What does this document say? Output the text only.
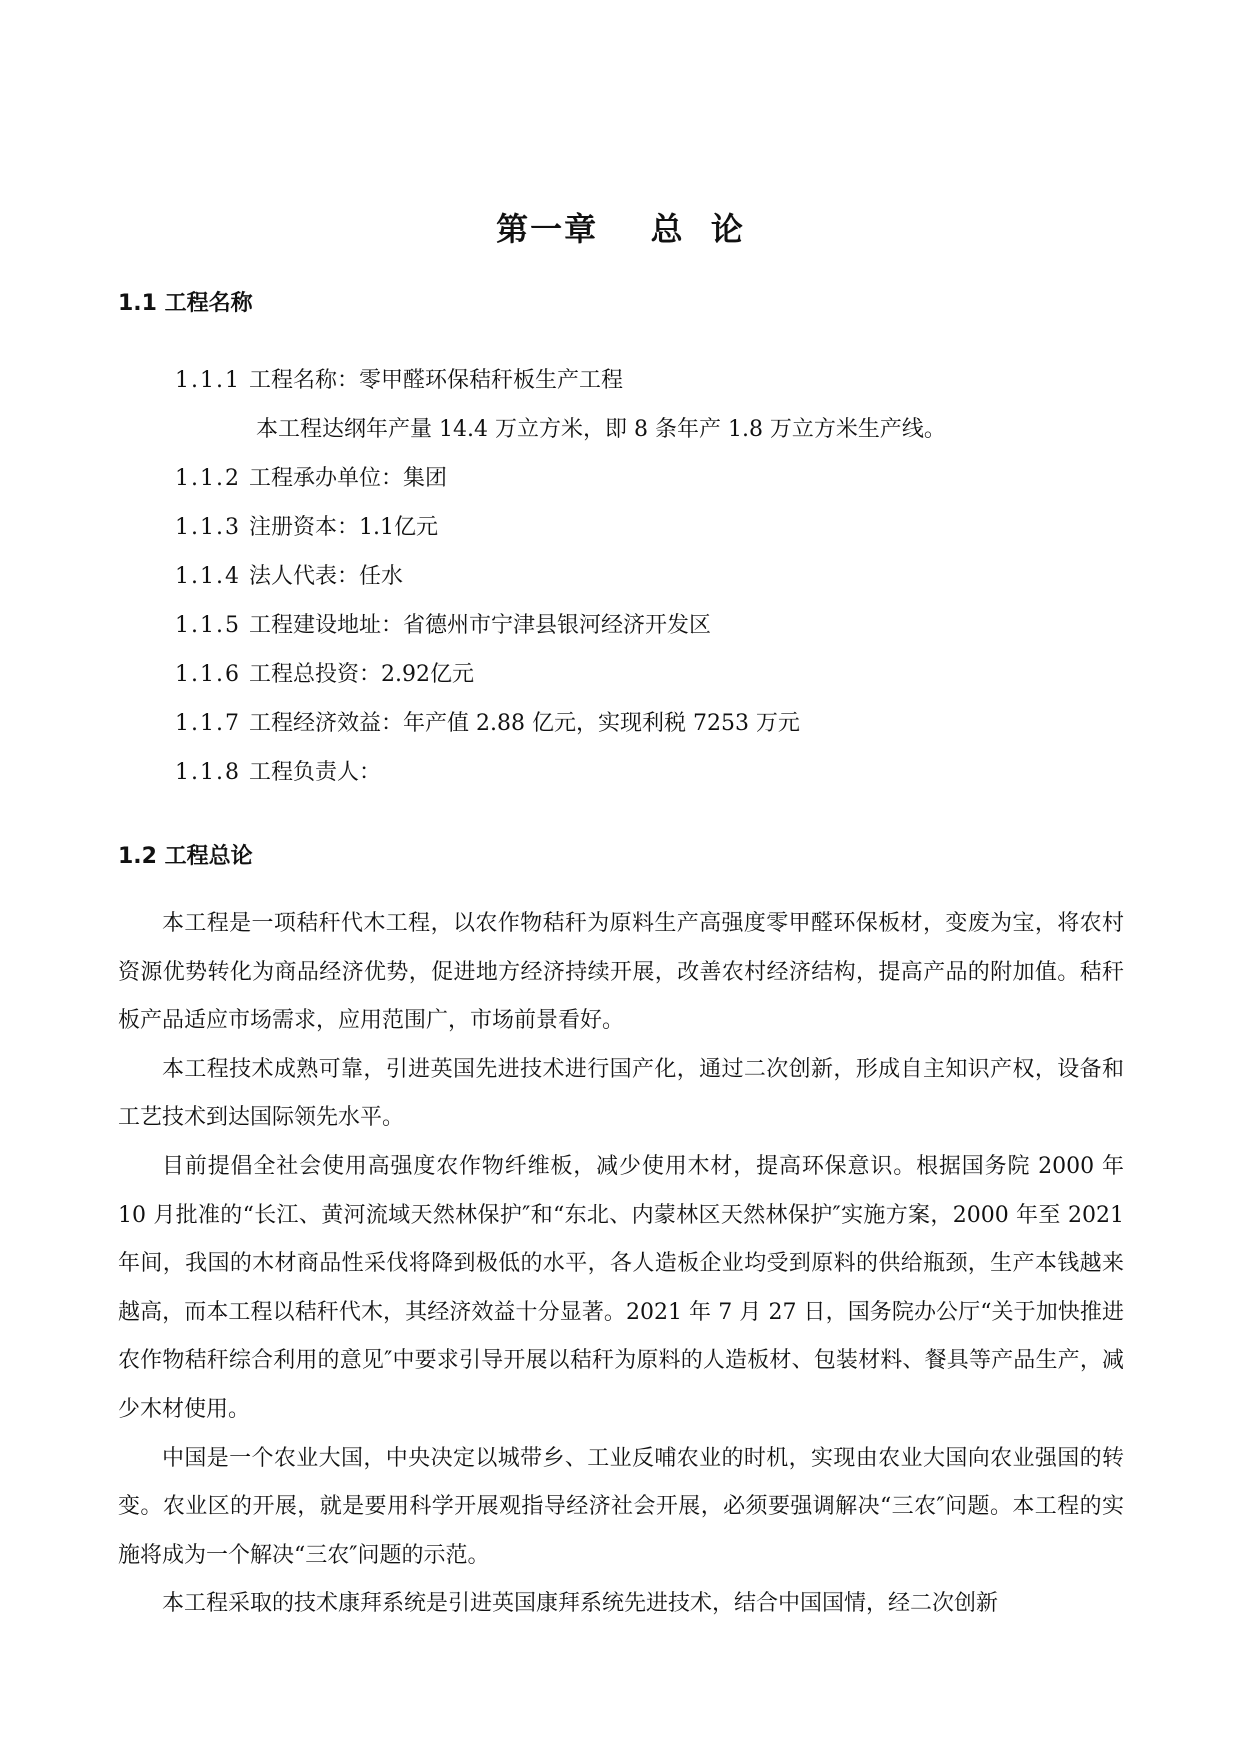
第一章    总  论
1.1 工程名称
1.1.1 工程名称：零甲醛环保秸秆板生产工程
本工程达纲年产量 14.4 万立方米，即 8 条年产 1.8 万立方米生产线。
1.1.2 工程承办单位：集团
1.1.3 注册资本：1.1亿元
1.1.4 法人代表：任水
1.1.5 工程建设地址：省德州市宁津县银河经济开发区
1.1.6 工程总投资：2.92亿元
1.1.7 工程经济效益：年产值 2.88 亿元，实现利税 7253 万元
1.1.8 工程负责人：
1.2 工程总论

本工程是一项秸秆代木工程，以农作物秸秆为原料生产高强度零甲醛环保板材，变废为宝，将农村资源优势转化为商品经济优势，促进地方经济持续开展，改善农村经济结构，提高产品的附加值。秸秆板产品适应市场需求，应用范围广，市场前景看好。

本工程技术成熟可靠，引进英国先进技术进行国产化，通过二次创新，形成自主知识产权，设备和工艺技术到达国际领先水平。

目前提倡全社会使用高强度农作物纤维板，减少使用木材，提高环保意识。根据国务院 2000 年 10 月批准的“长江、黄河流域天然林保护″和“东北、内蒙林区天然林保护″实施方案，2000 年至 2021 年间，我国的木材商品性采伐将降到极低的水平，各人造板企业均受到原料的供给瓶颈，生产本钱越来越高，而本工程以秸秆代木，其经济效益十分显著。2021 年 7 月 27 日，国务院办公厅“关于加快推进农作物秸秆综合利用的意见″中要求引导开展以秸秆为原料的人造板材、包装材料、餐具等产品生产，减少木材使用。

中国是一个农业大国，中央决定以城带乡、工业反哺农业的时机，实现由农业大国向农业强国的转变。农业区的开展，就是要用科学开展观指导经济社会开展，必须要强调解决“三农″问题。本工程的实施将成为一个解决“三农″问题的示范。

本工程采取的技术康拜系统是引进英国康拜系统先进技术，结合中国国情，经二次创新
